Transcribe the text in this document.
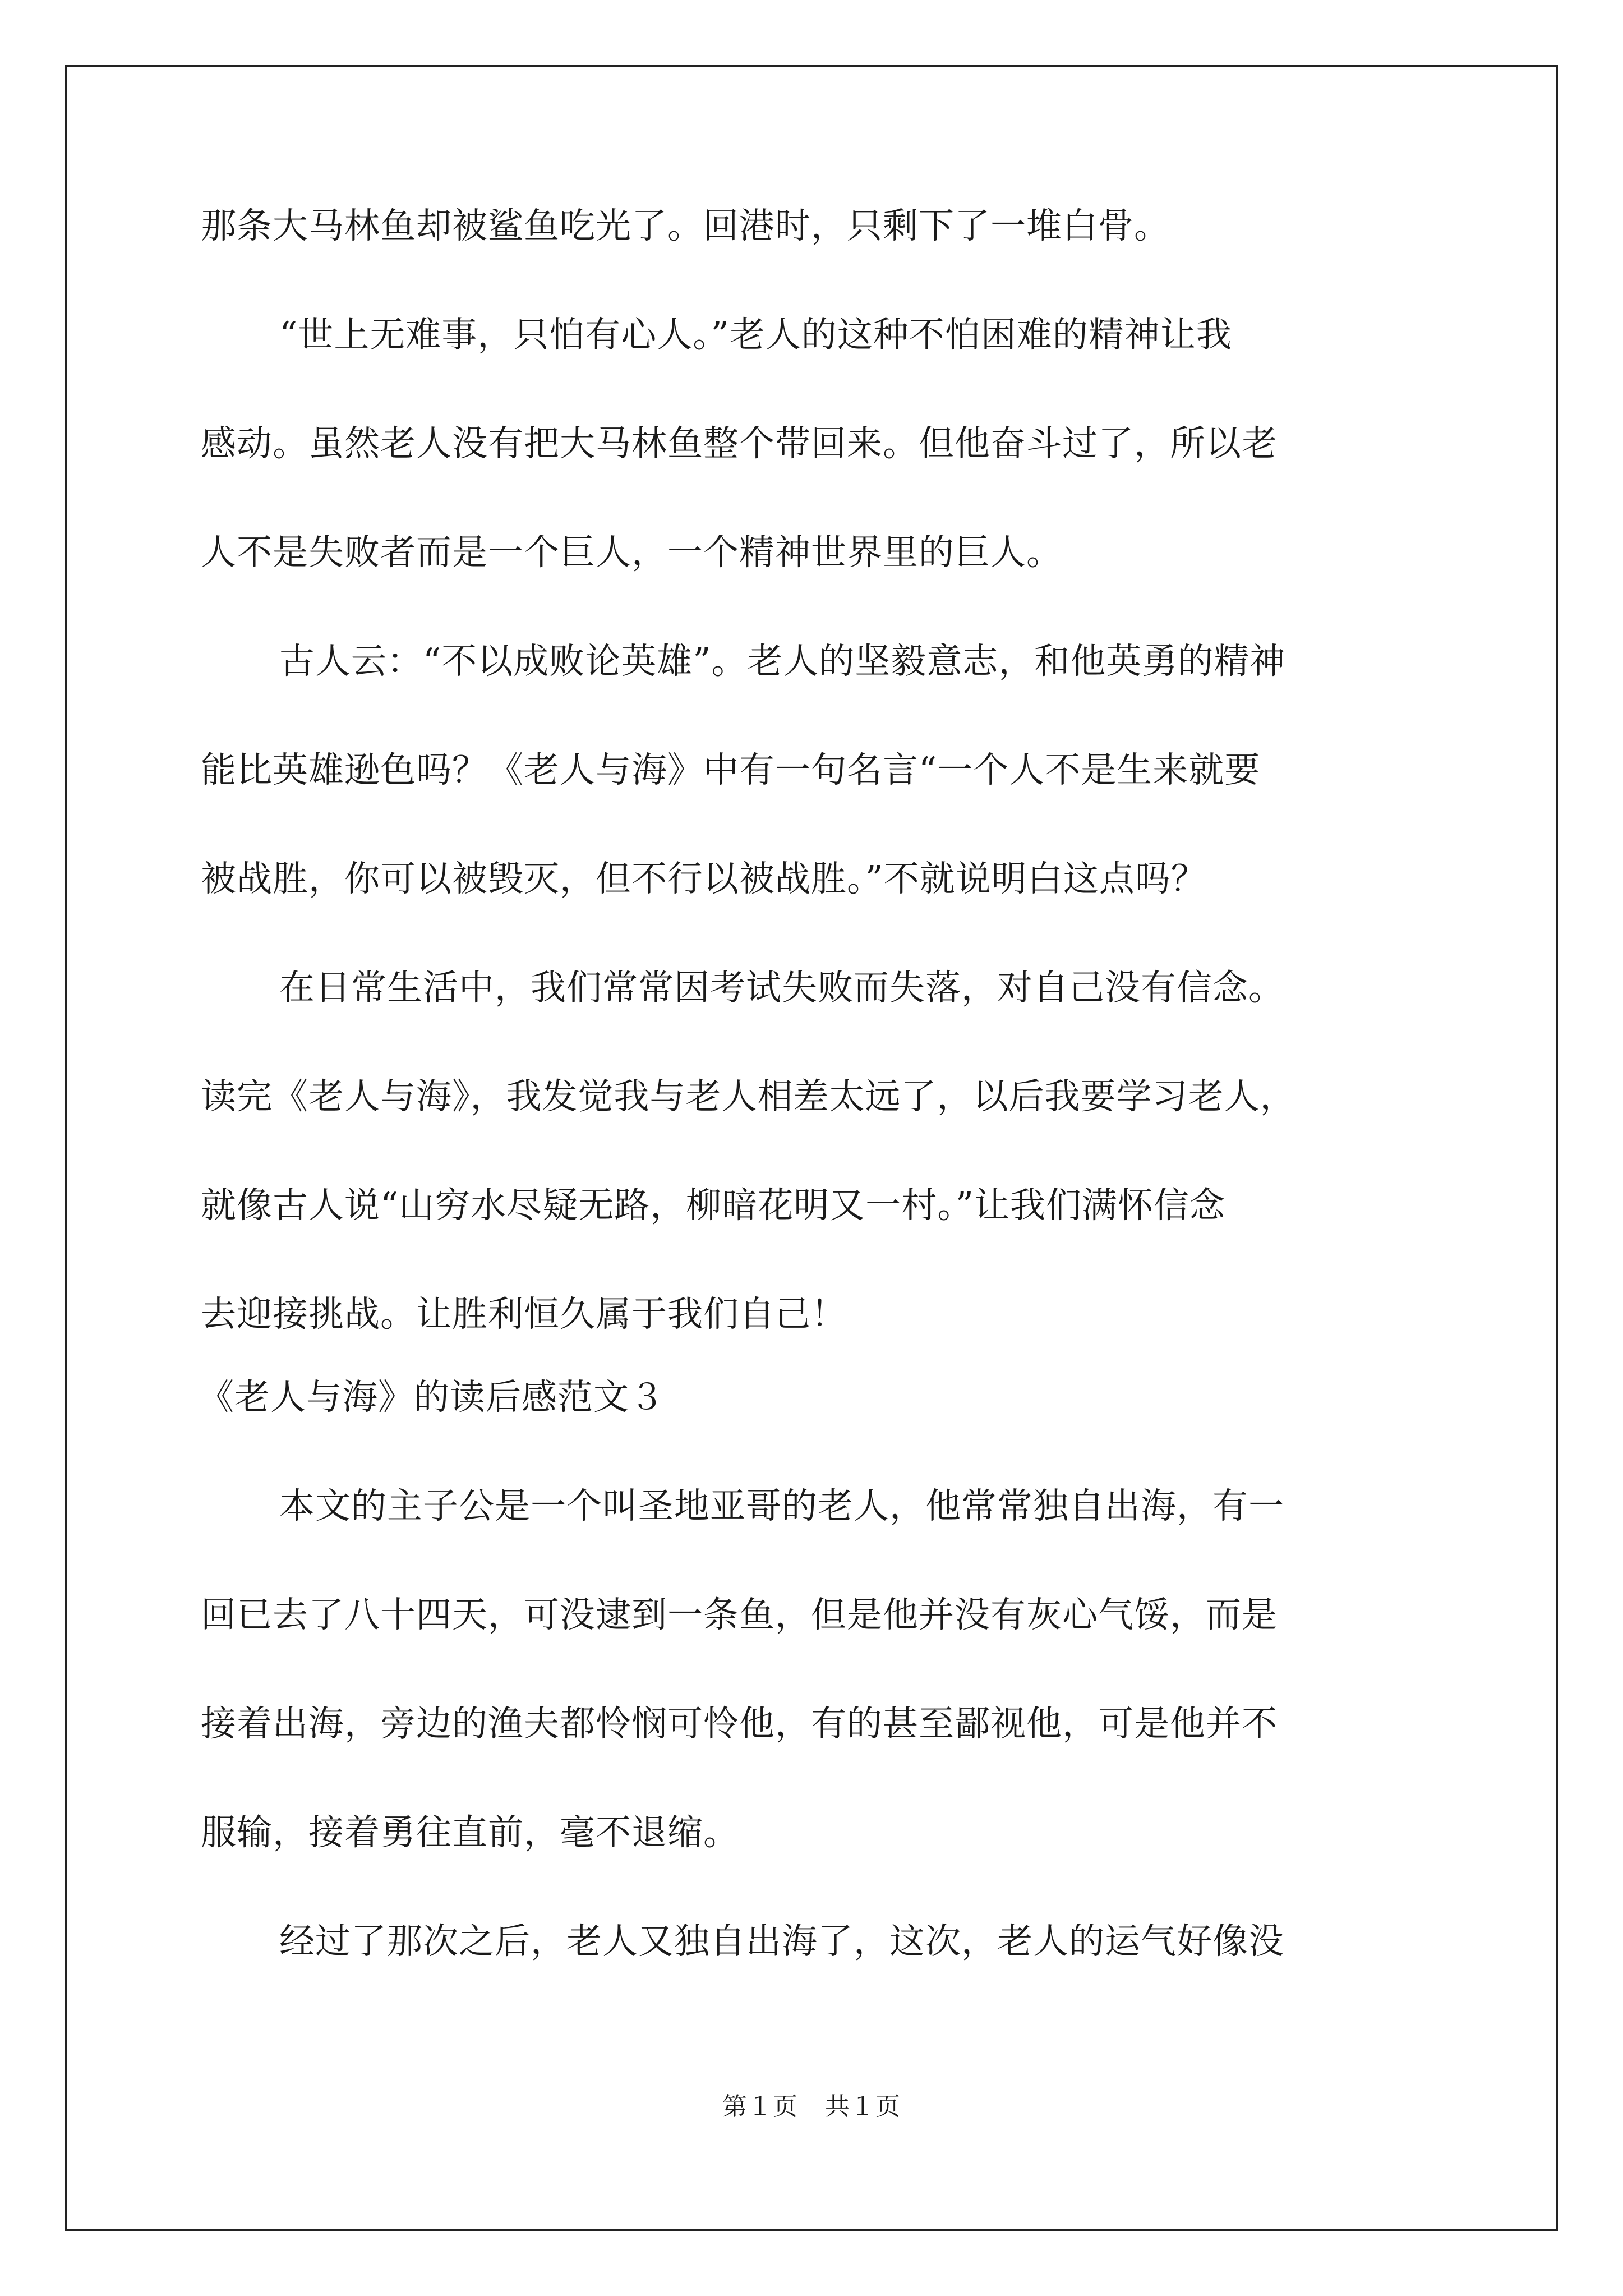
那条大马林鱼却被鲨鱼吃光了。回港时，只剩下了一堆白骨。
“世上无难事，只怕有心人。”老人的这种不怕困难的精神让我
感动。虽然老人没有把大马林鱼整个带回来。但他奋斗过了，所以老
人不是失败者而是一个巨人，一个精神世界里的巨人。
古人云：“不以成败论英雄”。老人的坚毅意志，和他英勇的精神
能比英雄逊色吗？《老人与海》中有一句名言“一个人不是生来就要
被战胜，你可以被毁灭，但不行以被战胜。”不就说明白这点吗？
在日常生活中，我们常常因考试失败而失落，对自己没有信念。
读完《老人与海》，我发觉我与老人相差太远了，以后我要学习老人，
就像古人说“山穷水尽疑无路，柳暗花明又一村。”让我们满怀信念
去迎接挑战。让胜利恒久属于我们自己！
《老人与海》的读后感范文３
本文的主子公是一个叫圣地亚哥的老人，他常常独自出海，有一
回已去了八十四天，可没逮到一条鱼，但是他并没有灰心气馁，而是
接着出海，旁边的渔夫都怜悯可怜他，有的甚至鄙视他，可是他并不
服输，接着勇往直前，毫不退缩。
经过了那次之后，老人又独自出海了，这次，老人的运气好像没
第１页 共１页
